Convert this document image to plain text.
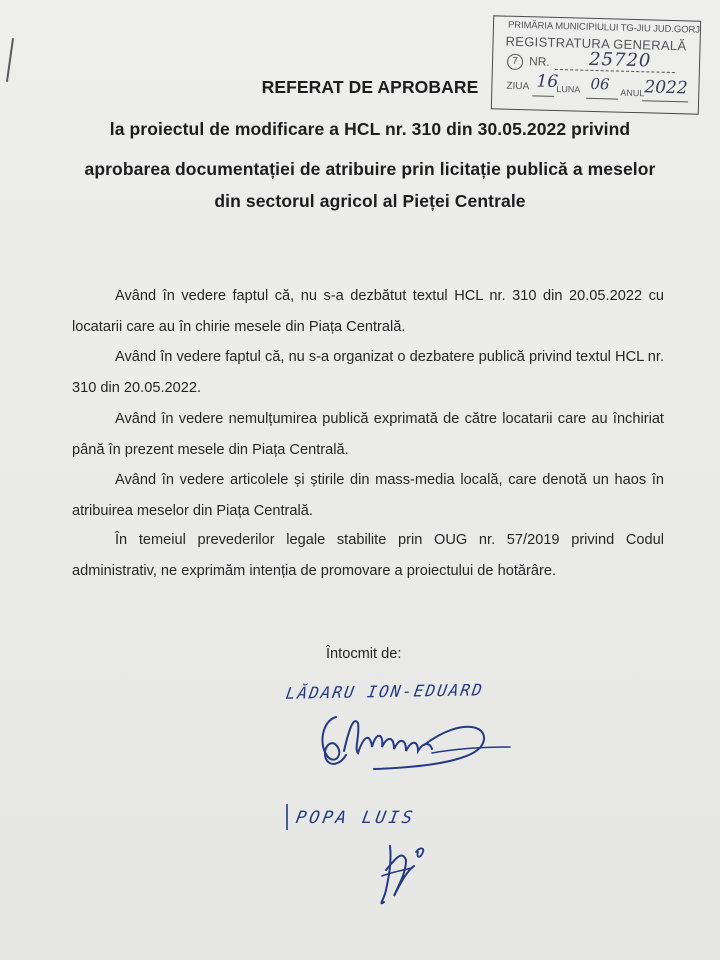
PRIMĂRIA MUNICIPIULUI TG-JIU JUD.GORJ
REGISTRATURA GENERALĂ
7 NR. 25720
ZIUA 16
LUNA 06 ANUL 2022
REFERAT DE APROBARE
la proiectul de modificare a HCL nr. 310 din 30.05.2022 privind
aprobarea documentației de atribuire prin licitație publică a meselor
din sectorul agricol al Pieței Centrale
Având în vedere faptul că, nu s-a dezbătut textul HCL nr. 310 din 20.05.2022 cu locatarii care au în chirie mesele din Piața Centrală.
Având în vedere faptul că, nu s-a organizat o dezbatere publică privind textul HCL nr. 310 din 20.05.2022.
Având în vedere nemulțumirea publică exprimată de către locatarii care au închiriat până în prezent mesele din Piața Centrală.
Având în vedere articolele și știrile din mass-media locală, care denotă un haos în atribuirea meselor din Piața Centrală.
În temeiul prevederilor legale stabilite prin OUG nr. 57/2019 privind Codul administrativ, ne exprimăm intenția de promovare a proiectului de hotărâre.
Întocmit de:
LĂDARU ION-EDUARD
POPA LUIS
